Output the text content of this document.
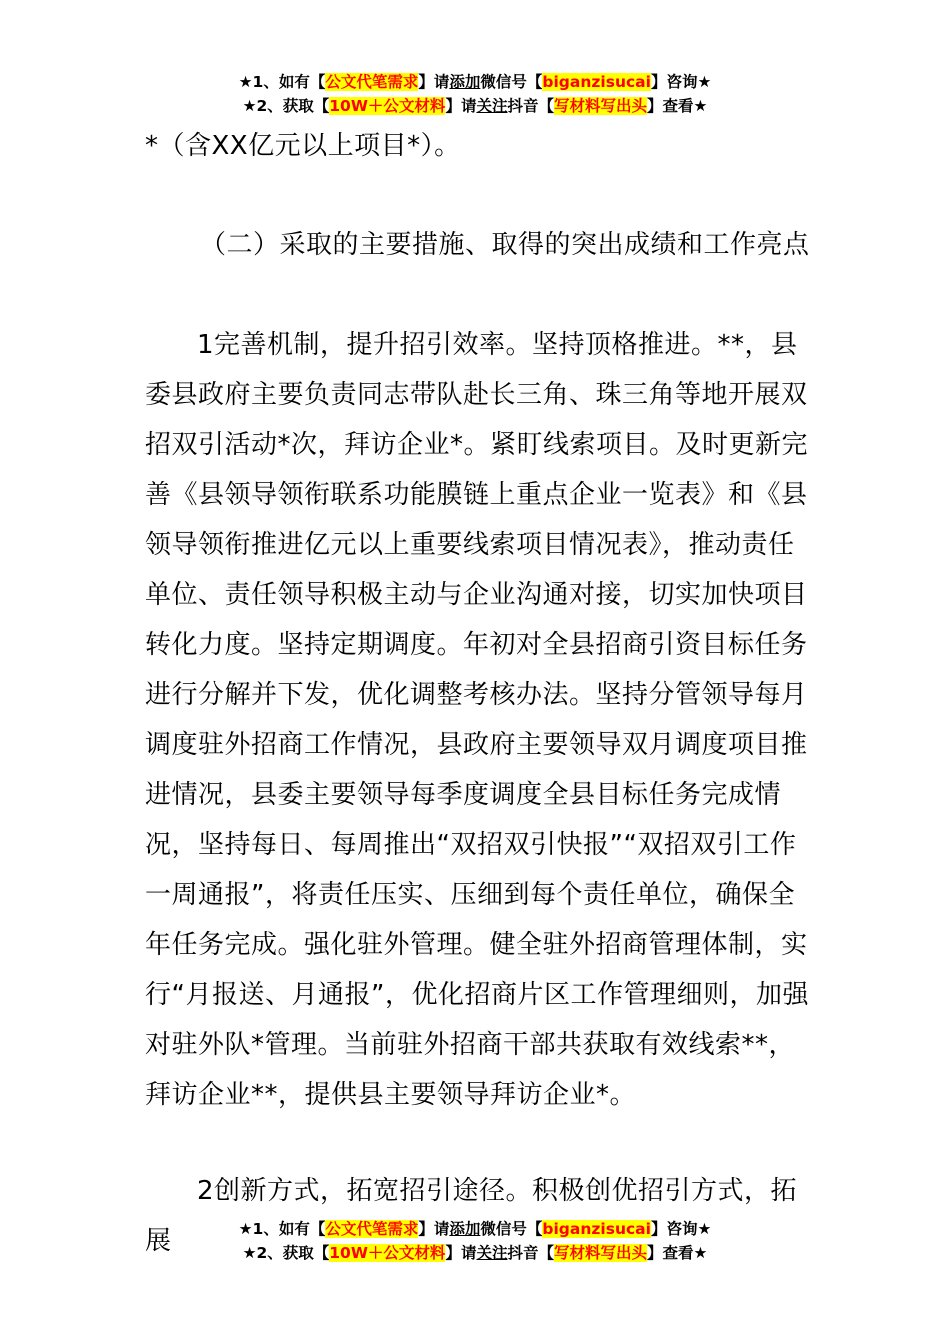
★1、如有【公文代笔需求】请添加微信号【biganzisucai】咨询★
★2、获取【10W＋公文材料】请关注抖音【写材料写出头】查看★
*（含XX亿元以上项目*）。
（二）采取的主要措施、取得的突出成绩和工作亮点
1完善机制，提升招引效率。坚持顶格推进。**，县委县政府主要负责同志带队赴长三角、珠三角等地开展双招双引活动*次，拜访企业*。紧盯线索项目。及时更新完善《县领导领衔联系功能膜链上重点企业一览表》和《县领导领衔推进亿元以上重要线索项目情况表》，推动责任单位、责任领导积极主动与企业沟通对接，切实加快项目转化力度。坚持定期调度。年初对全县招商引资目标任务进行分解并下发，优化调整考核办法。坚持分管领导每月调度驻外招商工作情况，县政府主要领导双月调度项目推进情况，县委主要领导每季度调度全县目标任务完成情况，坚持每日、每周推出“双招双引快报”“双招双引工作一周通报”，将责任压实、压细到每个责任单位，确保全年任务完成。强化驻外管理。健全驻外招商管理体制，实行“月报送、月通报”，优化招商片区工作管理细则，加强对驻外队*管理。当前驻外招商干部共获取有效线索**，拜访企业**，提供县主要领导拜访企业*。
2创新方式，拓宽招引途径。积极创优招引方式，拓展	★1、如有【公文代笔需求】请添加微信号【biganzisucai】咨询★
★2、获取【10W＋公文材料】请关注抖音【写材料写出头】查看★
